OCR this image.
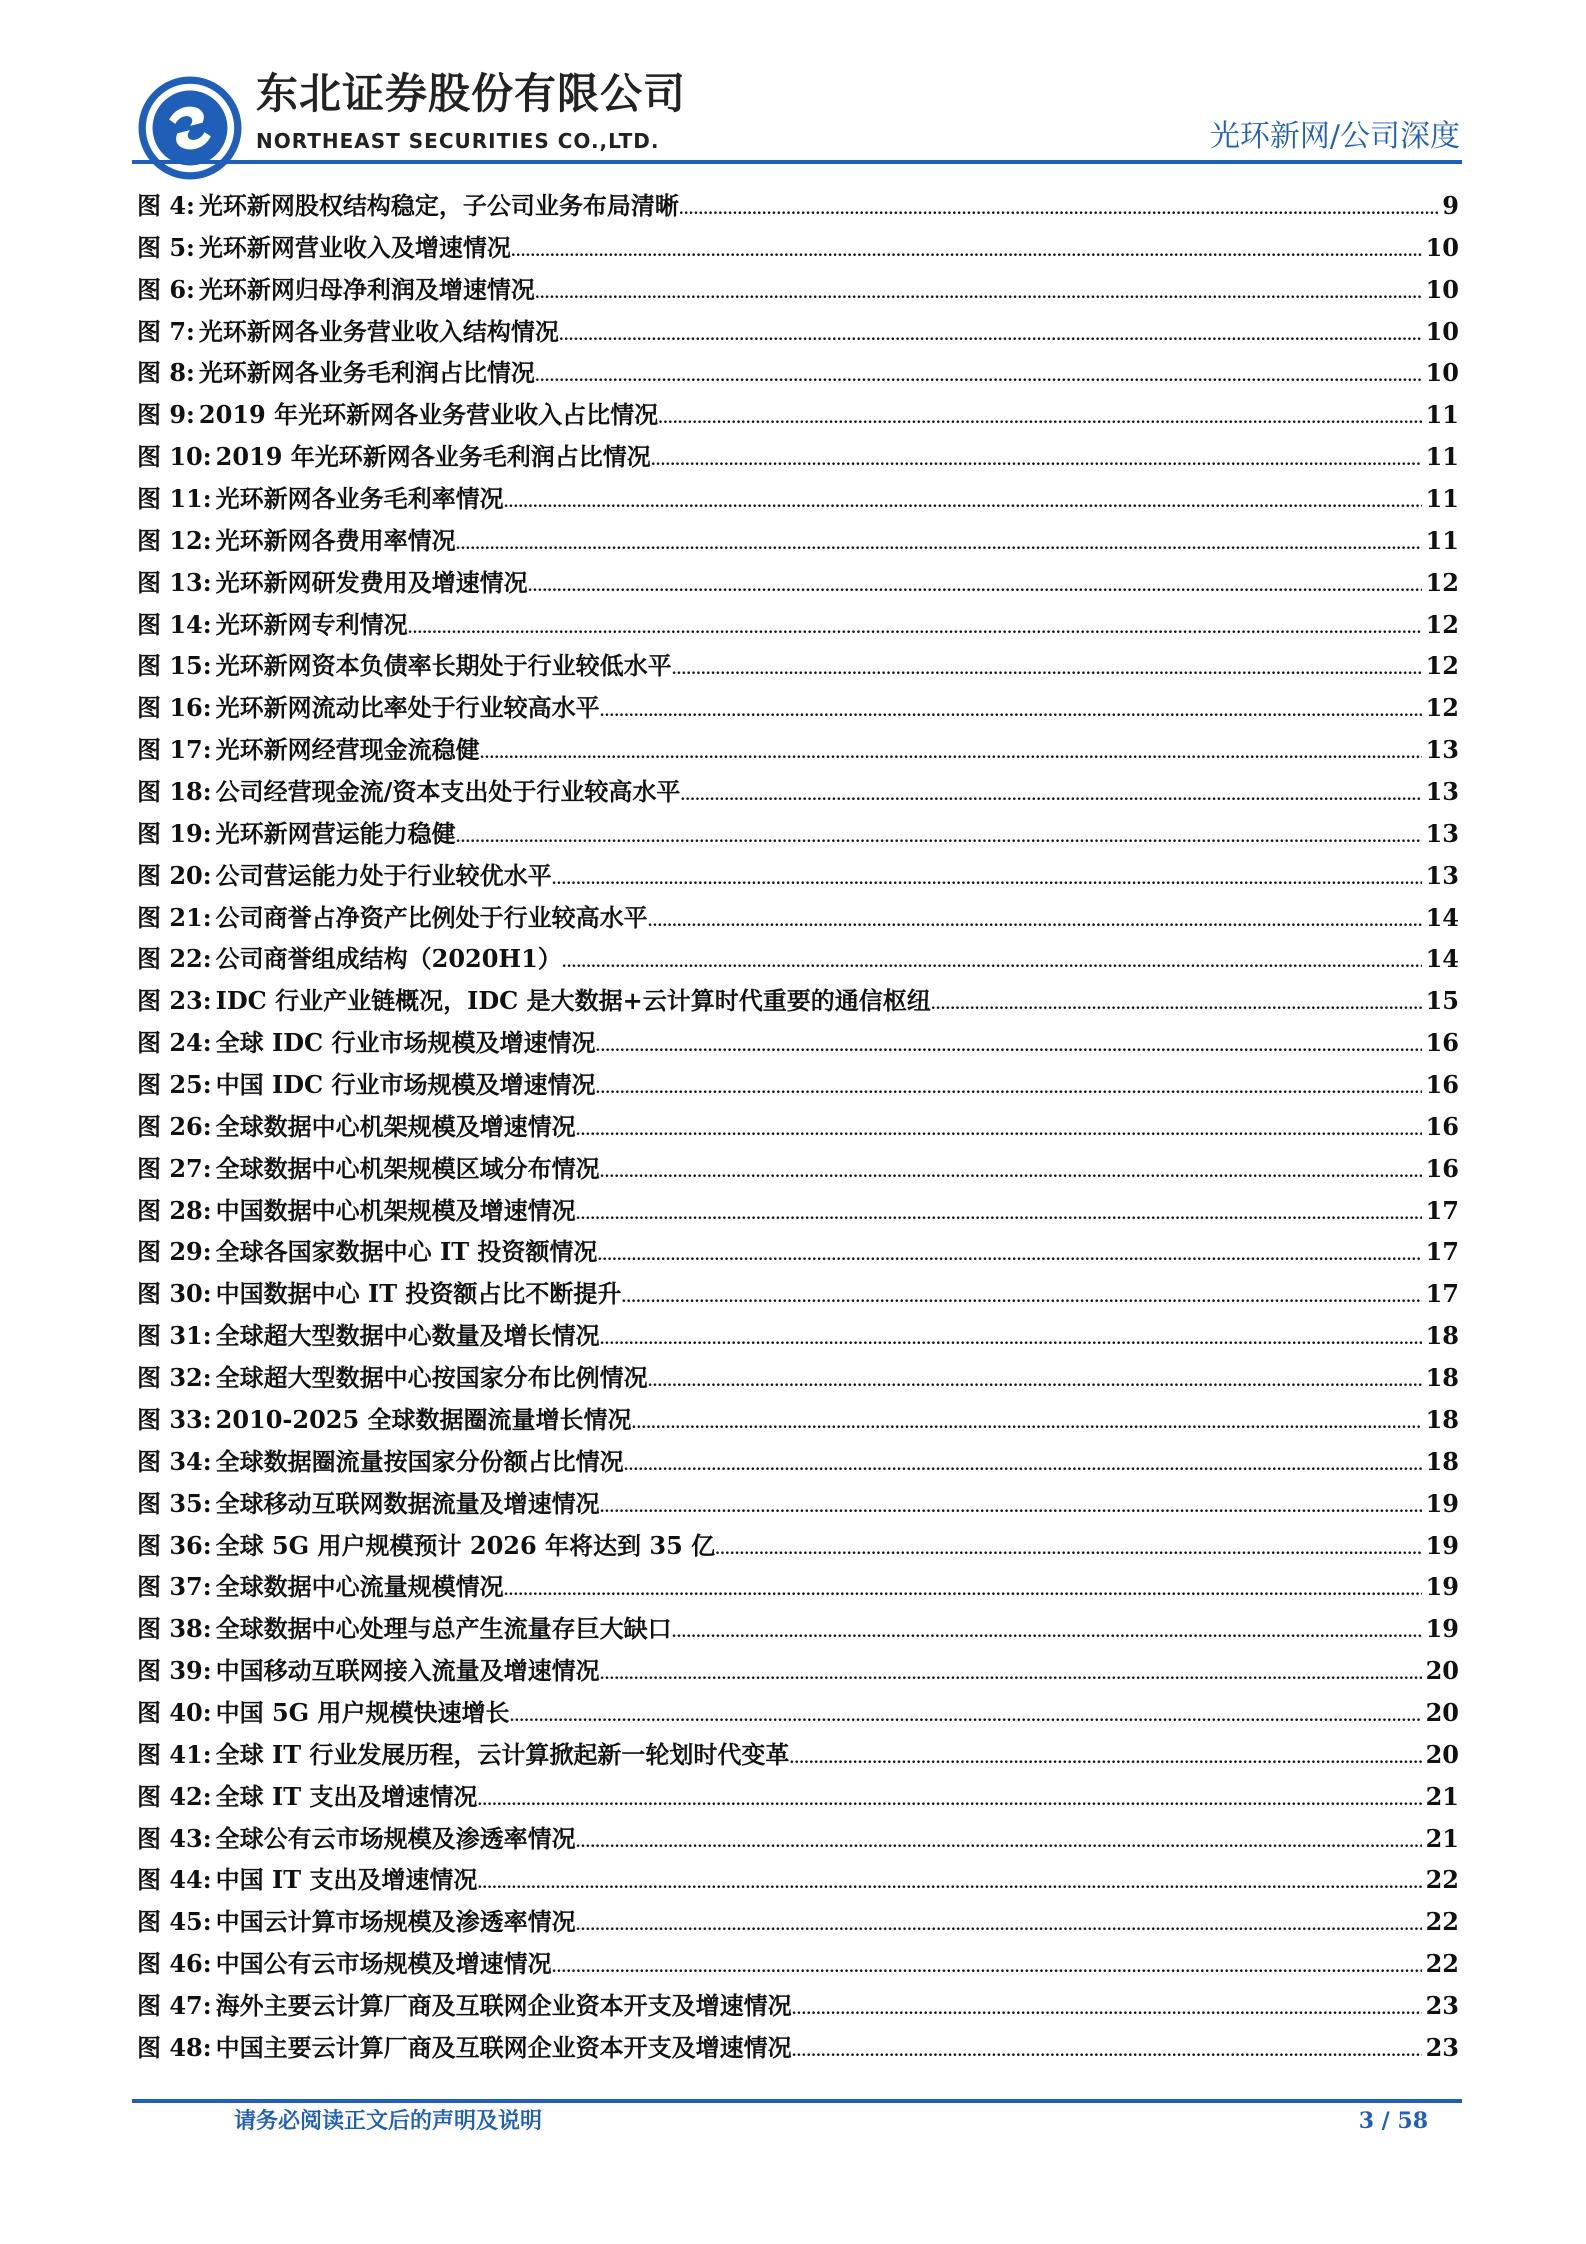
东北证券股份有限公司
NORTHEAST SECURITIES CO.,LTD.	光环新网/公司深度
图 4: 光环新网股权结构稳定，子公司业务布局清晰 .....	9
图 5: 光环新网营业收入及增速情况 .....	10
图 6: 光环新网归母净利润及增速情况 .....	10
图 7: 光环新网各业务营业收入结构情况 .....	10
图 8: 光环新网各业务毛利润占比情况 .....	10
图 9: 2019 年光环新网各业务营业收入占比情况 .....	11
图 10: 2019 年光环新网各业务毛利润占比情况 .....	11
图 11: 光环新网各业务毛利率情况 .....	11
图 12: 光环新网各费用率情况 .....	11
图 13: 光环新网研发费用及增速情况 .....	12
图 14: 光环新网专利情况 .....	12
图 15: 光环新网资本负债率长期处于行业较低水平 .....	12
图 16: 光环新网流动比率处于行业较高水平 .....	12
图 17: 光环新网经营现金流稳健 .....	13
图 18: 公司经营现金流/资本支出处于行业较高水平 .....	13
图 19: 光环新网营运能力稳健 .....	13
图 20: 公司营运能力处于行业较优水平 .....	13
图 21: 公司商誉占净资产比例处于行业较高水平 .....	14
图 22: 公司商誉组成结构（2020H1） .....	14
图 23: IDC 行业产业链概况，IDC 是大数据+云计算时代重要的通信枢纽 .....	15
图 24: 全球 IDC 行业市场规模及增速情况 .....	16
图 25: 中国 IDC 行业市场规模及增速情况 .....	16
图 26: 全球数据中心机架规模及增速情况 .....	16
图 27: 全球数据中心机架规模区域分布情况 .....	16
图 28: 中国数据中心机架规模及增速情况 .....	17
图 29: 全球各国家数据中心 IT 投资额情况 .....	17
图 30: 中国数据中心 IT 投资额占比不断提升 .....	17
图 31: 全球超大型数据中心数量及增长情况 .....	18
图 32: 全球超大型数据中心按国家分布比例情况 .....	18
图 33: 2010-2025 全球数据圈流量增长情况 .....	18
图 34: 全球数据圈流量按国家分份额占比情况 .....	18
图 35: 全球移动互联网数据流量及增速情况 .....	19
图 36: 全球 5G 用户规模预计 2026 年将达到 35 亿 .....	19
图 37: 全球数据中心流量规模情况 .....	19
图 38: 全球数据中心处理与总产生流量存巨大缺口 .....	19
图 39: 中国移动互联网接入流量及增速情况 .....	20
图 40: 中国 5G 用户规模快速增长 .....	20
图 41: 全球 IT 行业发展历程，云计算掀起新一轮划时代变革 .....	20
图 42: 全球 IT 支出及增速情况 .....	21
图 43: 全球公有云市场规模及渗透率情况 .....	21
图 44: 中国 IT 支出及增速情况 .....	22
图 45: 中国云计算市场规模及渗透率情况 .....	22
图 46: 中国公有云市场规模及增速情况 .....	22
图 47: 海外主要云计算厂商及互联网企业资本开支及增速情况 .....	23
图 48: 中国主要云计算厂商及互联网企业资本开支及增速情况 .....	23
请务必阅读正文后的声明及说明	3 / 58
